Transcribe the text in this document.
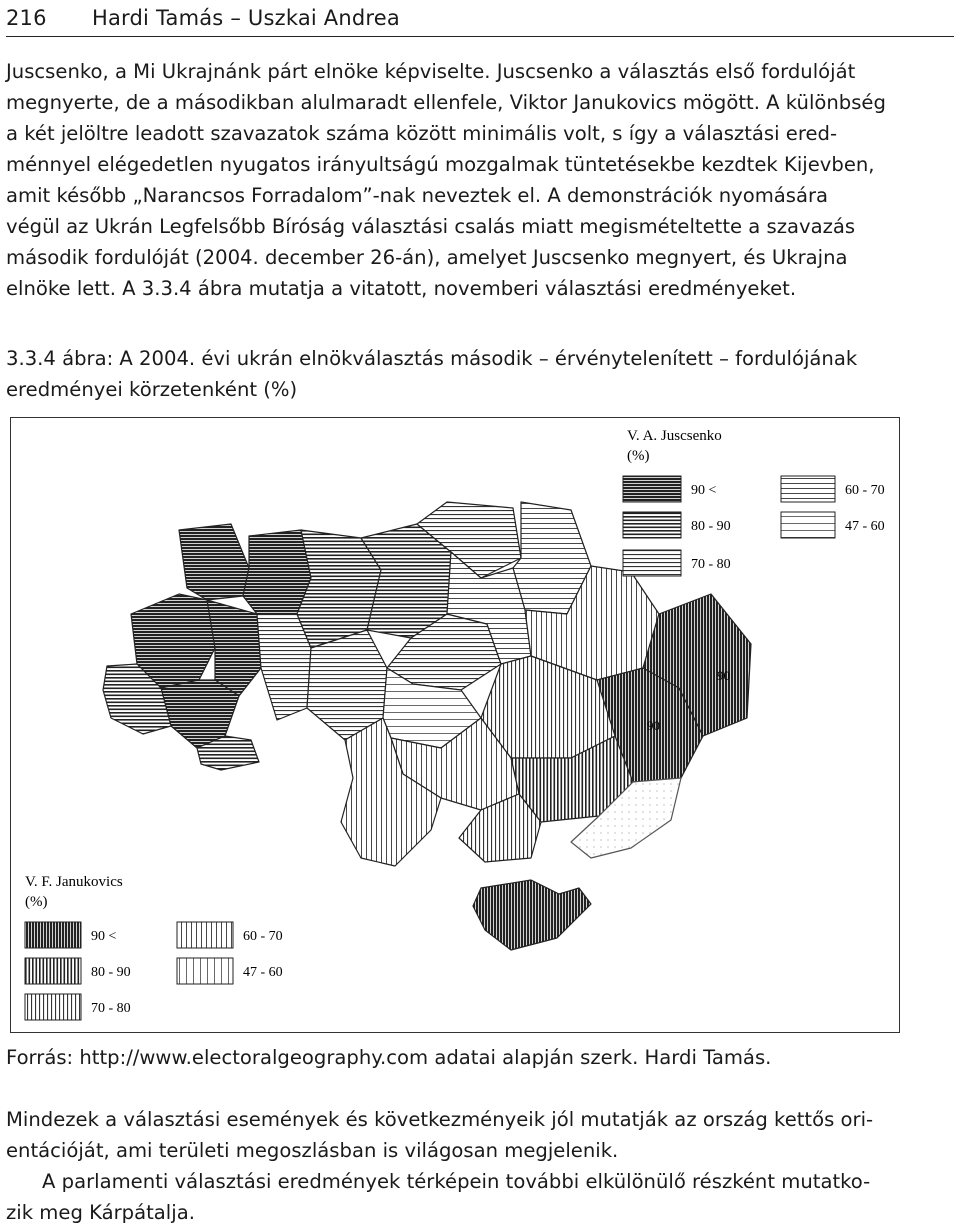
216	Hardi Tamás – Uszkai Andrea
Juscsenko, a Mi Ukrajnánk párt elnöke képviselte. Juscsenko a választás első fordulóját
megnyerte, de a másodikban alulmaradt ellenfele, Viktor Janukovics mögött. A különbség
a két jelöltre leadott szavazatok száma között minimális volt, s így a választási ered-
ménnyel elégedetlen nyugatos irányultságú mozgalmak tüntetésekbe kezdtek Kijevben,
amit később „Narancsos Forradalom”-nak neveztek el. A demonstrációk nyomására
végül az Ukrán Legfelsőbb Bíróság választási csalás miatt megismételtette a szavazás
második fordulóját (2004. december 26-án), amelyet Juscsenko megnyert, és Ukrajna
elnöke lett. A 3.3.4 ábra mutatja a vitatott, novemberi választási eredményeket.
3.3.4 ábra: A 2004. évi ukrán elnökválasztás második – érvénytelenített – fordulójának
eredményei körzetenként (%)
90
90
V. A. Juscsenko
(%)
90 <
80 - 90
70 - 80
60 - 70
47 - 60
V. F. Janukovics
(%)
90 <
80 - 90
70 - 80
60 - 70
47 - 60
Forrás: http://www.electoralgeography.com adatai alapján szerk. Hardi Tamás.
Mindezek a választási események és következményeik jól mutatják az ország kettős ori-
entációját, ami területi megoszlásban is világosan megjelenik.
A parlamenti választási eredmények térképein további elkülönülő részként mutatko-
zik meg Kárpátalja.
